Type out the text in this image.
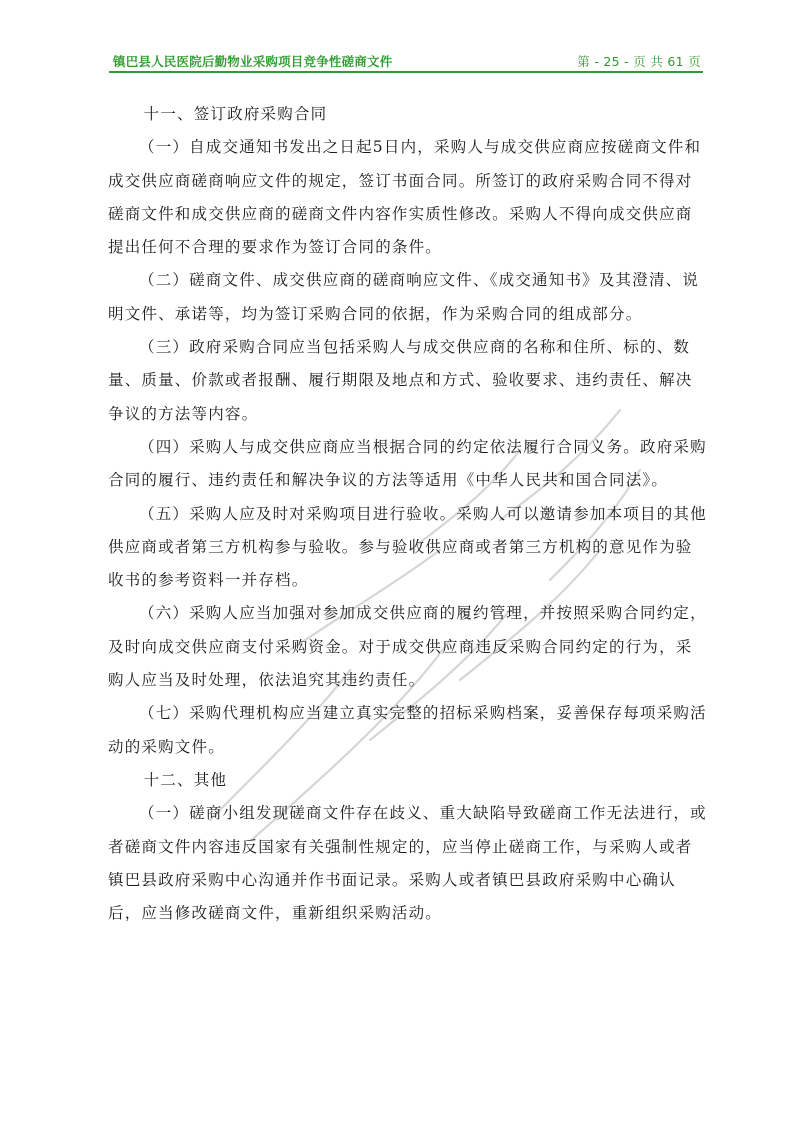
镇巴县人民医院后勤物业采购项目竞争性磋商文件	第 - 25 - 页 共 61 页

十一、签订政府采购合同

（一）自成交通知书发出之日起5日内，采购人与成交供应商应按磋商文件和成交供应商磋商响应文件的规定，签订书面合同。所签订的政府采购合同不得对磋商文件和成交供应商的磋商文件内容作实质性修改。采购人不得向成交供应商提出任何不合理的要求作为签订合同的条件。

（二）磋商文件、成交供应商的磋商响应文件、《成交通知书》及其澄清、说明文件、承诺等，均为签订采购合同的依据，作为采购合同的组成部分。

（三）政府采购合同应当包括采购人与成交供应商的名称和住所、标的、数量、质量、价款或者报酬、履行期限及地点和方式、验收要求、违约责任、解决争议的方法等内容。

（四）采购人与成交供应商应当根据合同的约定依法履行合同义务。政府采购合同的履行、违约责任和解决争议的方法等适用《中华人民共和国合同法》。

（五）采购人应及时对采购项目进行验收。采购人可以邀请参加本项目的其他供应商或者第三方机构参与验收。参与验收供应商或者第三方机构的意见作为验收书的参考资料一并存档。

（六）采购人应当加强对参加成交供应商的履约管理，并按照采购合同约定，及时向成交供应商支付采购资金。对于成交供应商违反采购合同约定的行为，采购人应当及时处理，依法追究其违约责任。

（七）采购代理机构应当建立真实完整的招标采购档案，妥善保存每项采购活动的采购文件。

十二、其他

（一）磋商小组发现磋商文件存在歧义、重大缺陷导致磋商工作无法进行，或者磋商文件内容违反国家有关强制性规定的，应当停止磋商工作，与采购人或者镇巴县政府采购中心沟通并作书面记录。采购人或者镇巴县政府采购中心确认后，应当修改磋商文件，重新组织采购活动。
